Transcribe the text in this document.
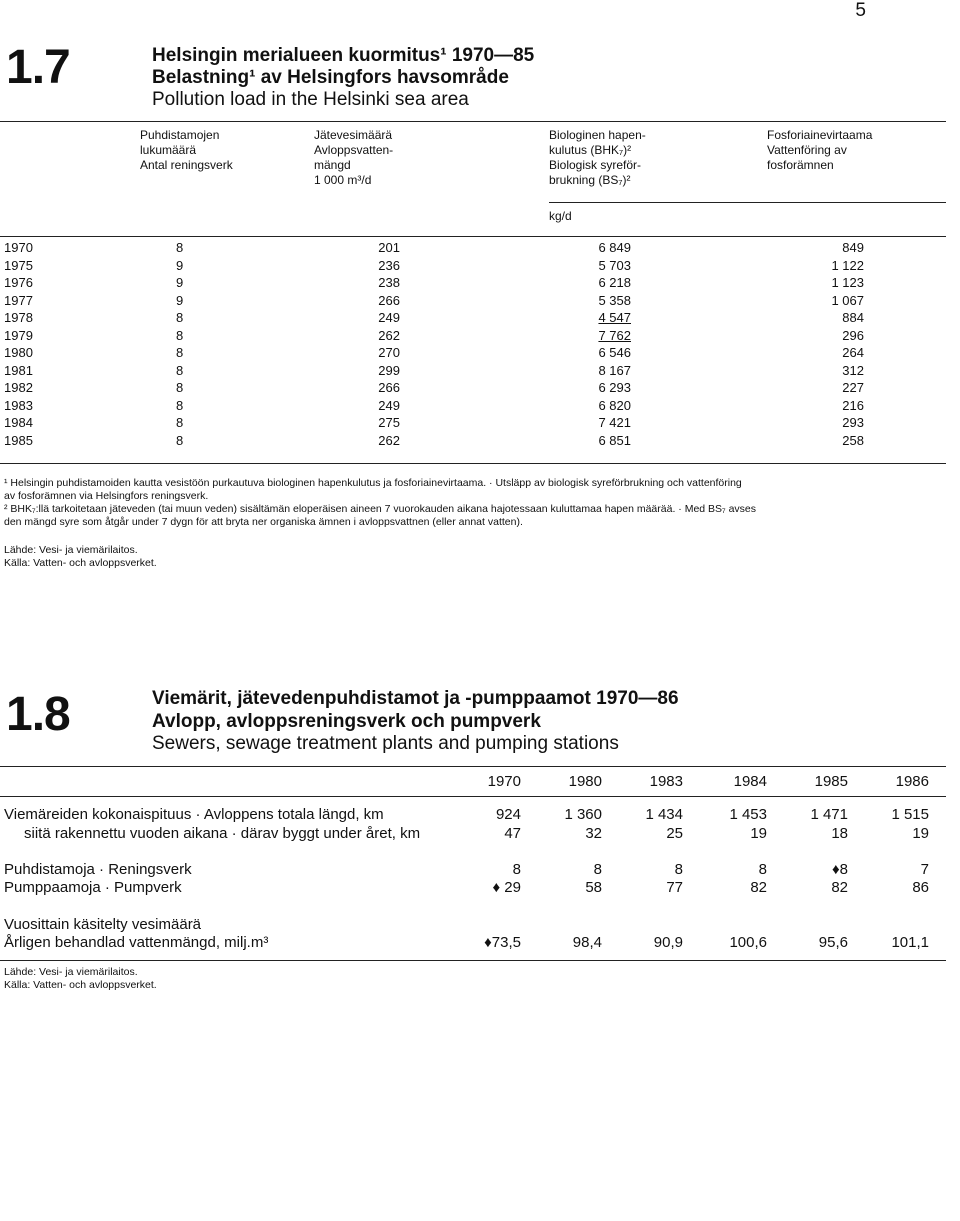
5
1.7	Helsingin merialueen kuormitus¹ 1970—85
Belastning¹ av Helsingfors havsområde
Pollution load in the Helsinki sea area
Puhdistamojen
lukumäärä
Antal reningsverk
Jätevesimäärä
Avloppsvatten-
mängd
1 000 m³/d
Biologinen hapen-
kulutus (BHK₇)²
Biologisk syreför-
brukning (BS₇)²
Fosforiainevirtaama
Vattenföring av
fosforämnen
kg/d
1970	8	201	6 849	849
1975	9	236	5 703	1 122
1976	9	238	6 218	1 123
1977	9	266	5 358	1 067
1978	8	249	4 547	884
1979	8	262	7 762	296
1980	8	270	6 546	264
1981	8	299	8 167	312
1982	8	266	6 293	227
1983	8	249	6 820	216
1984	8	275	7 421	293
1985	8	262	6 851	258
¹ Helsingin puhdistamoiden kautta vesistöön purkautuva biologinen hapenkulutus ja fosforiainevirtaama. · Utsläpp av biologisk syreförbrukning och vattenföring
av fosforämnen via Helsingfors reningsverk.
² BHK₇:llä tarkoitetaan jäteveden (tai muun veden) sisältämän eloperäisen aineen 7 vuorokauden aikana hajotessaan kuluttamaa hapen määrää. · Med BS₇ avses
den mängd syre som åtgår under 7 dygn för att bryta ner organiska ämnen i avloppsvattnen (eller annat vatten).
Lähde: Vesi- ja viemärilaitos.
Källa: Vatten- och avloppsverket.
1.8	Viemärit, jätevedenpuhdistamot ja -pumppaamot 1970—86
Avlopp, avloppsreningsverk och pumpverk
Sewers, sewage treatment plants and pumping stations
1970	1980	1983	1984	1985	1986
Viemäreiden kokonaispituus · Avloppens totala längd, km	924	1 360	1 434	1 453	1 471	1 515
siitä rakennettu vuoden aikana · därav byggt under året, km	47	32	25	19	18	19
Puhdistamoja · Reningsverk	8	8	8	8	♦8	7
Pumppaamoja · Pumpverk	♦ 29	58	77	82	82	86
Vuosittain käsitelty vesimäärä
Årligen behandlad vattenmängd, milj.m³	♦73,5	98,4	90,9	100,6	95,6	101,1
Lähde: Vesi- ja viemärilaitos.
Källa: Vatten- och avloppsverket.
